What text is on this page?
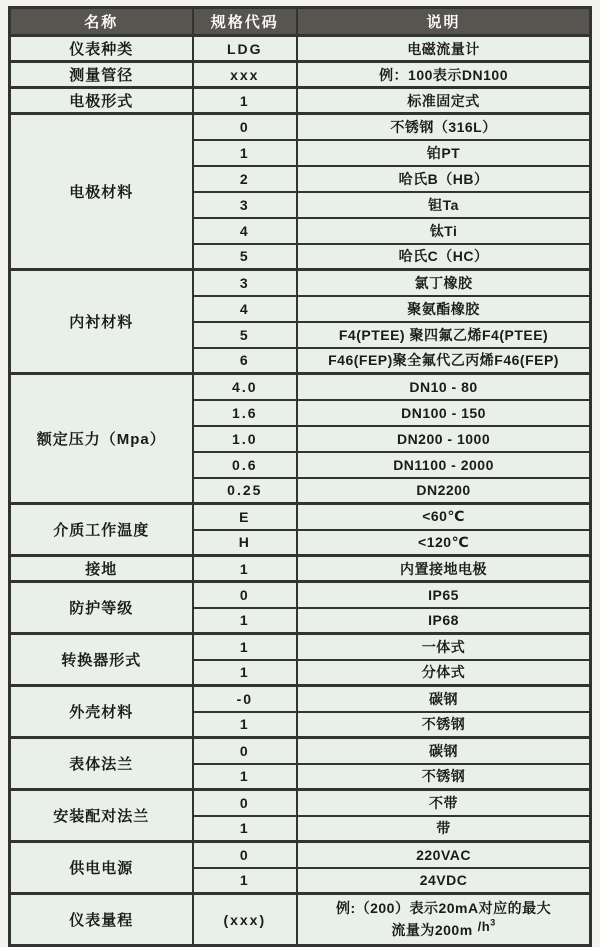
名称	规格代码	说明
仪表种类	LDG	电磁流量计
测量管径	xxx	例：100表示DN100
电极形式	1	标准固定式
电极材料	0	不锈钢（316L）
	1	铂PT
	2	哈氏B（HB）
	3	钽Ta
	4	钛Ti
	5	哈氏C（HC）
内衬材料	3	氯丁橡胶
	4	聚氨酯橡胶
	5	F4(PTEE) 聚四氟乙烯F4(PTEE)
	6	F46(FEP)聚全氟代乙丙烯F46(FEP)
额定压力（Mpa）	4.0	DN10 - 80
	1.6	DN100 - 150
	1.0	DN200 - 1000
	0.6	DN1100 - 2000
	0.25	DN2200
介质工作温度	E	<60℃
	H	<120℃
接地	1	内置接地电极
防护等级	0	IP65
	1	IP68
转换器形式	1	一体式
	1	分体式
外壳材料	-0	碳钢
	1	不锈钢
表体法兰	0	碳钢
	1	不锈钢
安装配对法兰	0	不带
	1	带
供电电源	0	220VAC
	1	24VDC
仪表量程	(xxx)	例:（200）表示20mA对应的最大
流量为200m $/h^3$
